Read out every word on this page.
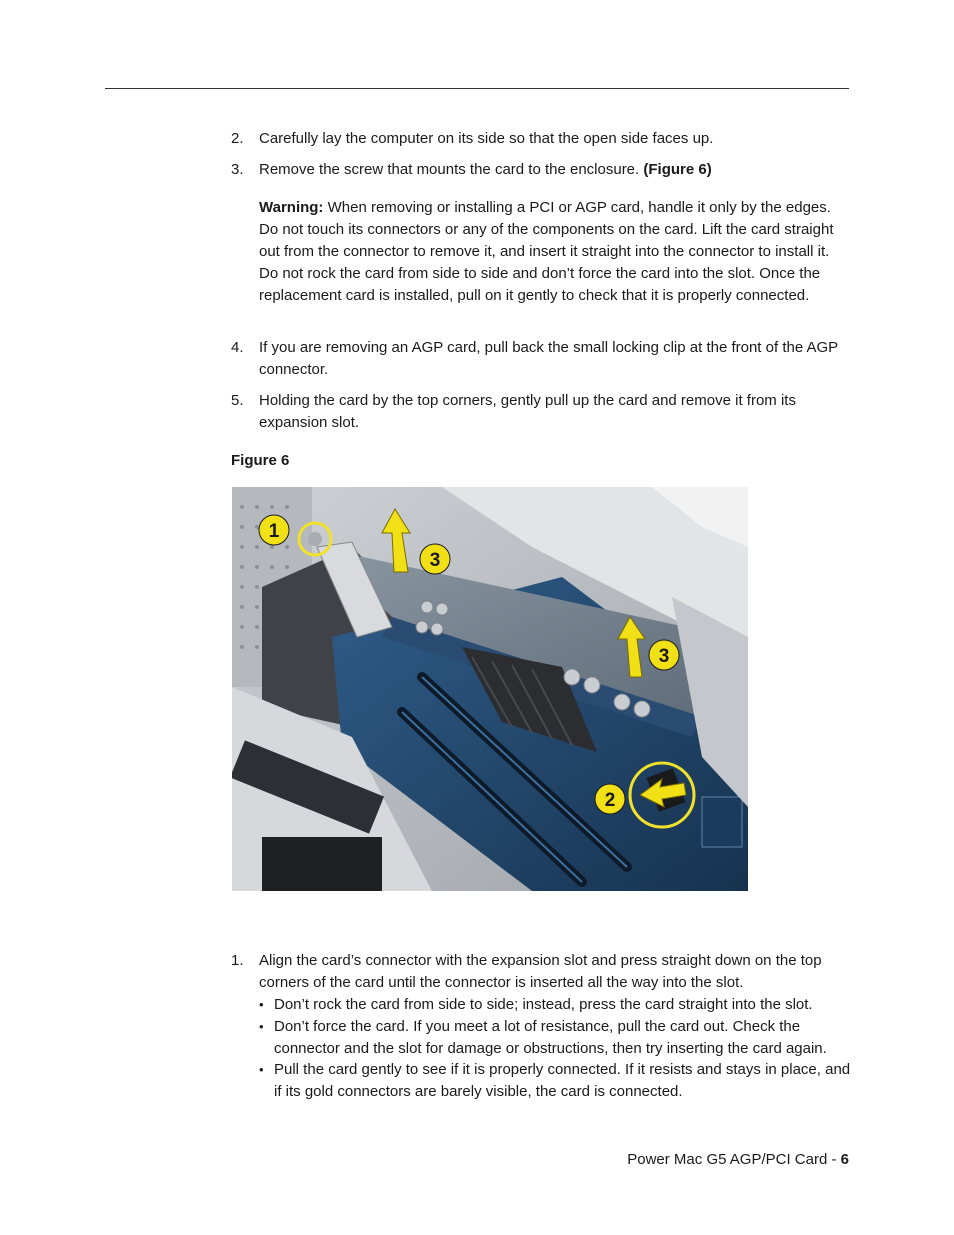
2.	Carefully lay the computer on its side so that the open side faces up.
3.	Remove the screw that mounts the card to the enclosure. (Figure 6)
Warning: When removing or installing a PCI or AGP card, handle it only by the edges. Do not touch its connectors or any of the components on the card. Lift the card straight out from the connector to remove it, and insert it straight into the connector to install it. Do not rock the card from side to side and don’t force the card into the slot. Once the replacement card is installed, pull on it gently to check that it is properly connected.
4.	If you are removing an AGP card, pull back the small locking clip at the front of the AGP connector.
5.	Holding the card by the top corners, gently pull up the card and remove it from its expansion slot.
Figure 6
1
2
3
3
1.	Align the card’s connector with the expansion slot and press straight down on the top corners of the card until the connector is inserted all the way into the slot.
• Don’t rock the card from side to side; instead, press the card straight into the slot.
• Don’t force the card. If you meet a lot of resistance, pull the card out. Check the connector and the slot for damage or obstructions, then try inserting the card again.
• Pull the card gently to see if it is properly connected. If it resists and stays in place, and if its gold connectors are barely visible, the card is connected.
Power Mac G5 AGP/PCI Card - 6
